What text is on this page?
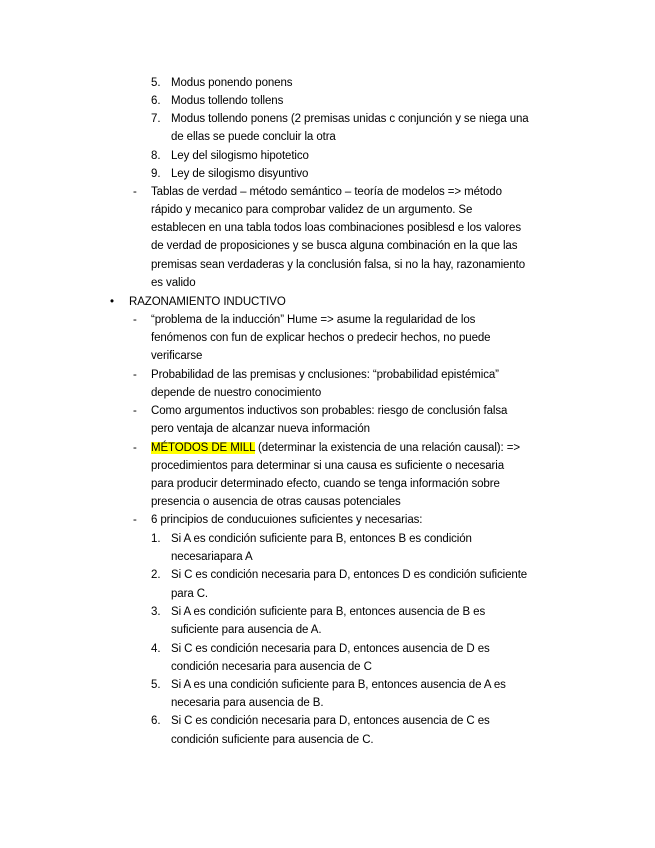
5. Modus ponendo ponens
6. Modus tollendo tollens
7. Modus tollendo ponens (2 premisas unidas c conjunción y se niega una
de ellas se puede concluir la otra
8. Ley del silogismo hipotetico
9. Ley de silogismo disyuntivo
- Tablas de verdad – método semántico – teoría de modelos => método
rápido y mecanico para comprobar validez de un argumento. Se
establecen en una tabla todos loas combinaciones posiblesd e los valores
de verdad de proposiciones y se busca alguna combinación en la que las
premisas sean verdaderas y la conclusión falsa, si no la hay, razonamiento
es valido
• RAZONAMIENTO INDUCTIVO
- “problema de la inducción” Hume => asume la regularidad de los
fenómenos con fun de explicar hechos o predecir hechos, no puede
verificarse
- Probabilidad de las premisas y cnclusiones: “probabilidad epistémica”
depende de nuestro conocimiento
- Como argumentos inductivos son probables: riesgo de conclusión falsa
pero ventaja de alcanzar nueva información
- MÉTODOS DE MILL (determinar la existencia de una relación causal): =>
procedimientos para determinar si una causa es suficiente o necesaria
para producir determinado efecto, cuando se tenga información sobre
presencia o ausencia de otras causas potenciales
- 6 principios de conducuiones suficientes y necesarias:
1. Si A es condición suficiente para B, entonces B es condición
necesariapara A
2. Si C es condición necesaria para D, entonces D es condición suficiente
para C.
3. Si A es condición suficiente para B, entonces ausencia de B es
suficiente para ausencia de A.
4. Si C es condición necesaria para D, entonces ausencia de D es
condición necesaria para ausencia de C
5. Si A es una condición suficiente para B, entonces ausencia de A es
necesaria para ausencia de B.
6. Si C es condición necesaria para D, entonces ausencia de C es
condición suficiente para ausencia de C.
